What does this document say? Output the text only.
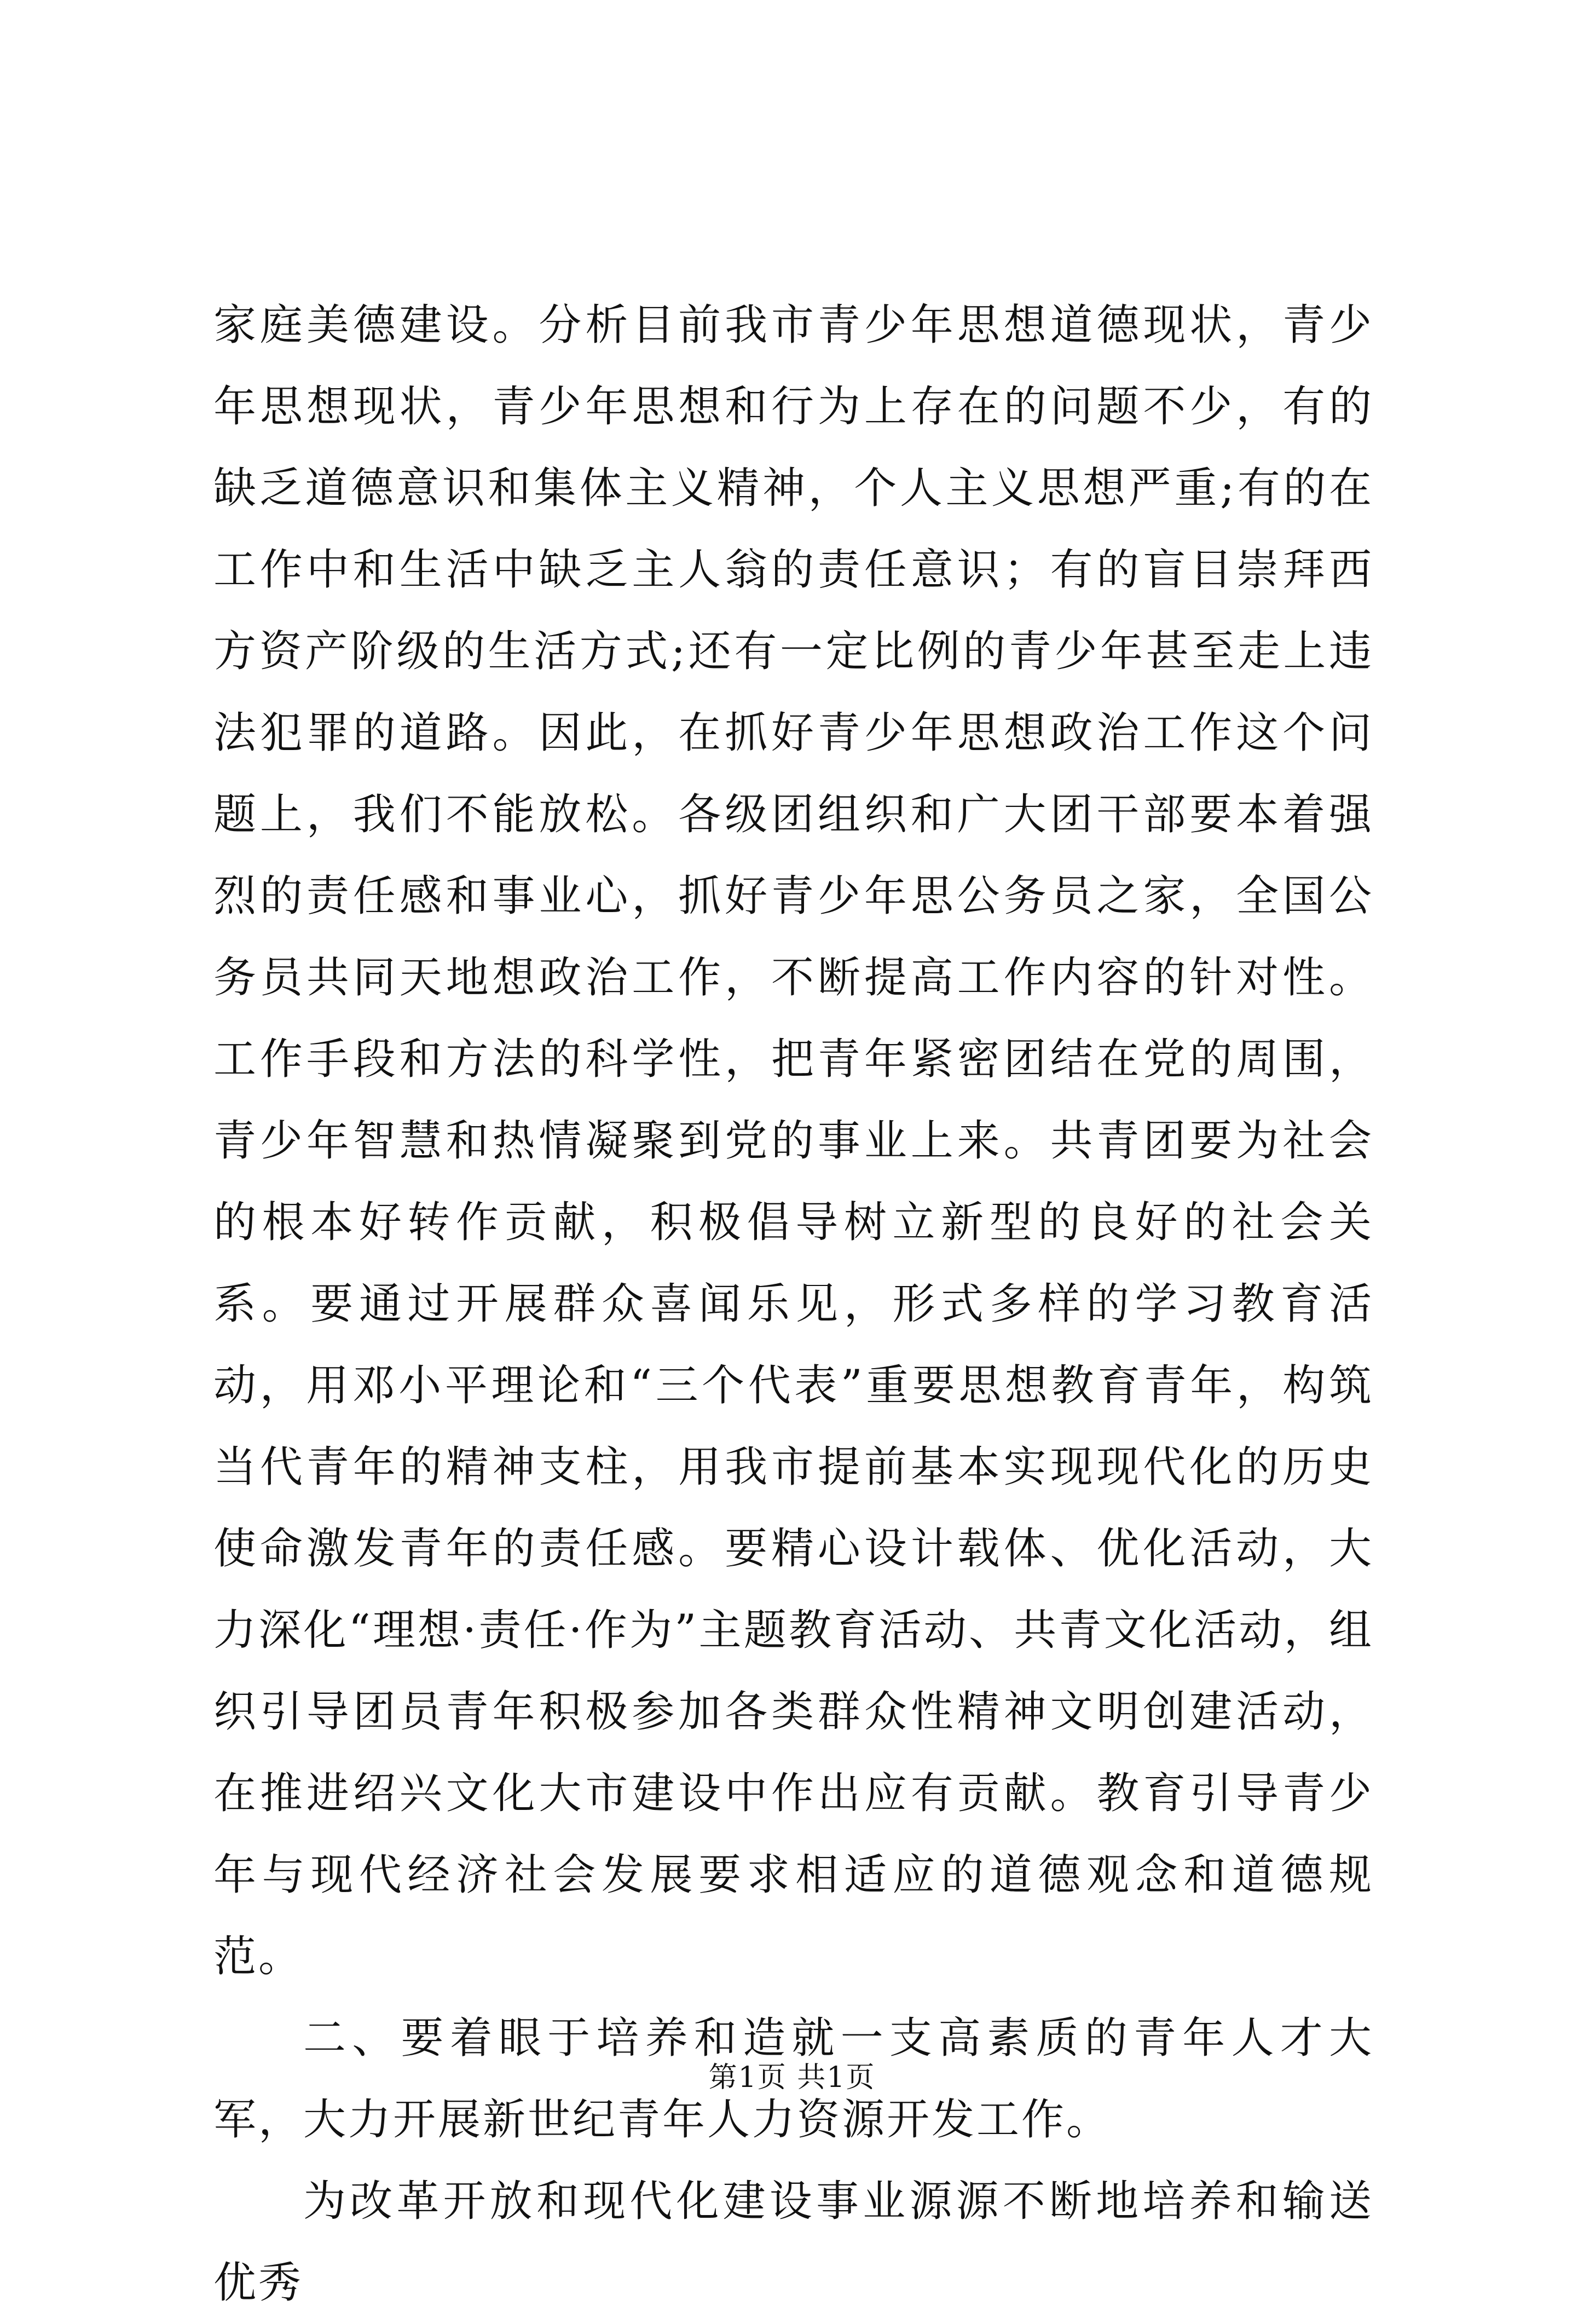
家庭美德建设。分析目前我市青少年思想道德现状，青少年思想现状，青少年思想和行为上存在的问题不少，有的缺乏道德意识和集体主义精神，个人主义思想严重;有的在工作中和生活中缺乏主人翁的责任意识；有的盲目崇拜西方资产阶级的生活方式;还有一定比例的青少年甚至走上违法犯罪的道路。因此，在抓好青少年思想政治工作这个问题上，我们不能放松。各级团组织和广大团干部要本着强烈的责任感和事业心，抓好青少年思公务员之家，全国公务员共同天地想政治工作，不断提高工作内容的针对性。工作手段和方法的科学性，把青年紧密团结在党的周围，青少年智慧和热情凝聚到党的事业上来。共青团要为社会的根本好转作贡献，积极倡导树立新型的良好的社会关系。要通过开展群众喜闻乐见，形式多样的学习教育活动，用邓小平理论和“三个代表”重要思想教育青年，构筑当代青年的精神支柱，用我市提前基本实现现代化的历史使命激发青年的责任感。要精心设计载体、优化活动，大力深化“理想·责任·作为”主题教育活动、共青文化活动，组织引导团员青年积极参加各类群众性精神文明创建活动，在推进绍兴文化大市建设中作出应有贡献。教育引导青少年与现代经济社会发展要求相适应的道德观念和道德规范。

二、要着眼于培养和造就一支高素质的青年人才大军，大力开展新世纪青年人力资源开发工作。

为改革开放和现代化建设事业源源不断地培养和输送优秀

第1页 共1页
